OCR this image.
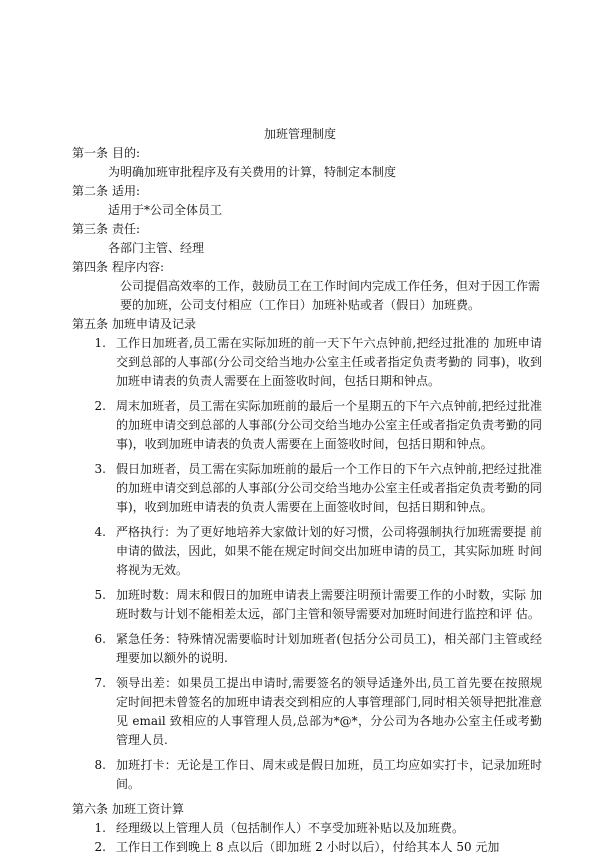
加班管理制度
第一条 目的:
为明确加班审批程序及有关费用的计算，特制定本制度
第二条 适用:
适用于*公司全体员工
第三条 责任:
各部门主管、经理
第四条 程序内容:
公司提倡高效率的工作，鼓励员工在工作时间内完成工作任务，但对于因工作需要的加班，公司支付相应（工作日）加班补贴或者（假日）加班费。
第五条 加班申请及记录
1. 工作日加班者,员工需在实际加班的前一天下午六点钟前,把经过批准的 加班申请交到总部的人事部(分公司交给当地办公室主任或者指定负责考勤的 同事)，收到加班申请表的负责人需要在上面签收时间，包括日期和钟点。
2. 周末加班者，员工需在实际加班前的最后一个星期五的下午六点钟前,把经过批准的加班申请交到总部的人事部(分公司交给当地办公室主任或者指定负责考勤的同事)，收到加班申请表的负责人需要在上面签收时间，包括日期和钟点。
3. 假日加班者，员工需在实际加班前的最后一个工作日的下午六点钟前,把经过批准的加班申请交到总部的人事部(分公司交给当地办公室主任或者指定负责考勤的同事)，收到加班申请表的负责人需要在上面签收时间，包括日期和钟点。
4. 严格执行：为了更好地培养大家做计划的好习惯，公司将强制执行加班需要提 前申请的做法，因此，如果不能在规定时间交出加班申请的员工，其实际加班 时间将视为无效。
5. 加班时数：周末和假日的加班申请表上需要注明预计需要工作的小时数，实际 加班时数与计划不能相差太远，部门主管和领导需要对加班时间进行监控和评 估。
6. 紧急任务：特殊情况需要临时计划加班者(包括分公司员工)，相关部门主管或经理要加以额外的说明.
7. 领导出差：如果员工提出申请时,需要签名的领导适逢外出,员工首先要在按照规定时间把未曾签名的加班申请表交到相应的人事管理部门,同时相关领导把批准意见 email 致相应的人事管理人员,总部为*@*，分公司为各地办公室主任或考勤管理人员.
8. 加班打卡：无论是工作日、周末或是假日加班，员工均应如实打卡，记录加班时间。
第六条 加班工资计算
1. 经理级以上管理人员（包括制作人）不享受加班补贴以及加班费。
2. 工作日工作到晚上 8 点以后（即加班 2 小时以后），付给其本人 50 元加
